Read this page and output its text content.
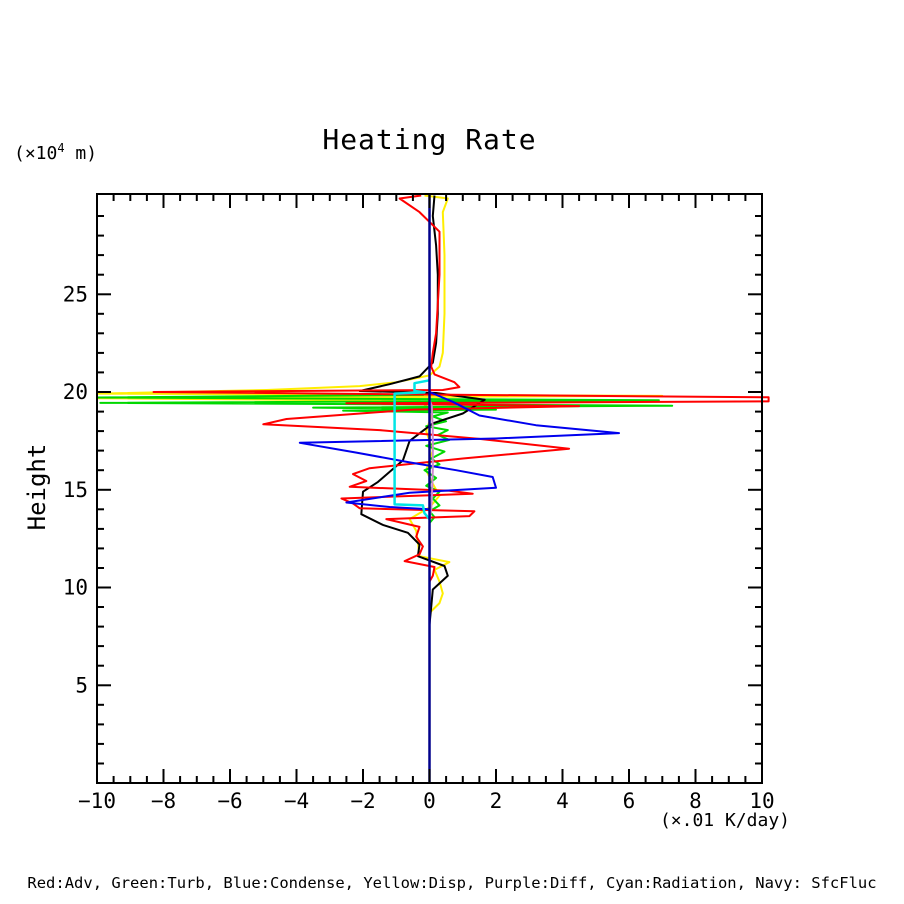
Heating Rate
($\times 10^4$ m)
Height
(×.01 K/day)
Red:Adv, Green:Turb, Blue:Condense, Yellow:Disp, Purple:Diff, Cyan:Radiation, Navy: SfcFluc
−10 −8 −6 −4 −2 0	2	4	6	8 10
5
10
15
20
25
